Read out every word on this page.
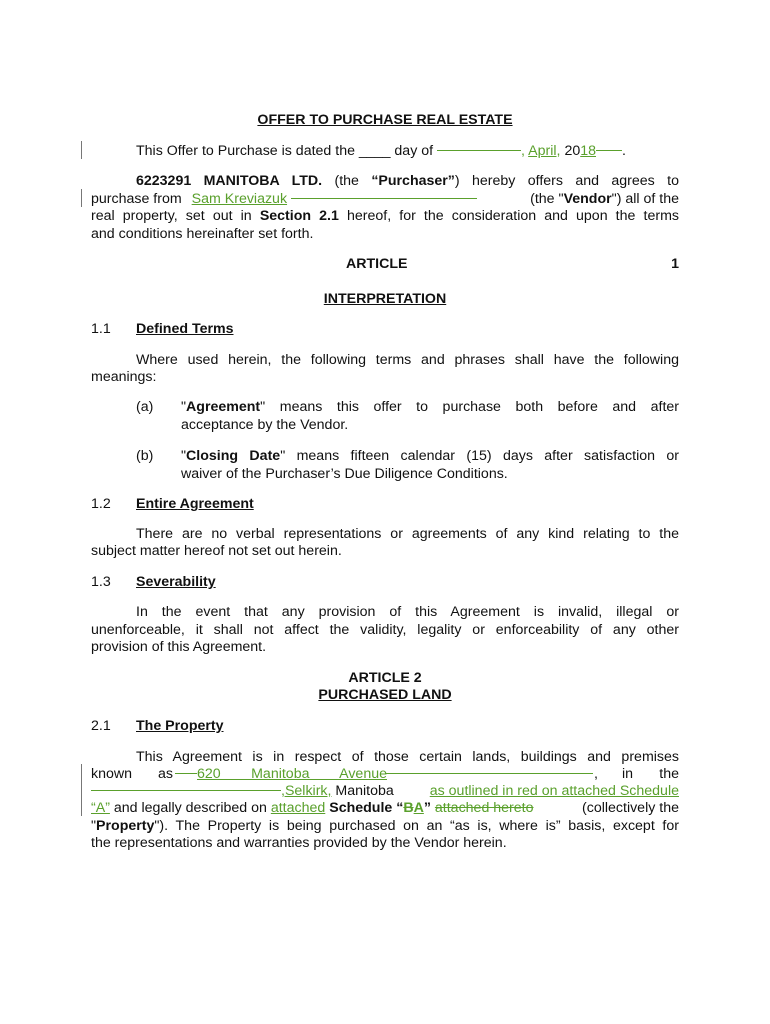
OFFER TO PURCHASE REAL ESTATE
This Offer to Purchase is dated the ____ day of	, April, 2018 .
6223291 MANITOBA LTD. (the “Purchaser”) hereby offers and agrees to
purchase from Sam Kreviazuk	(the "Vendor") all of the
real property, set out in Section 2.1 hereof, for the consideration and upon the terms
and conditions hereinafter set forth.
ARTICLE	1
INTERPRETATION
1.1 Defined Terms
Where used herein, the following terms and phrases shall have the following
meanings:
(a)	"Agreement" means this offer to purchase both before and after
acceptance by the Vendor.
(b)	"Closing Date" means fifteen calendar (15) days after satisfaction or
waiver of the Purchaser’s Due Diligence Conditions.
1.2 Entire Agreement
There are no verbal representations or agreements of any kind relating to the
subject matter hereof not set out herein.
1.3 Severability
In the event that any provision of this Agreement is invalid, illegal or
unenforceable, it shall not affect the validity, legality or enforceability of any other
provision of this Agreement.
ARTICLE 2
PURCHASED LAND
2.1 The Property
This Agreement is in respect of those certain lands, buildings and premises
known as 620 Manitoba Avenue	, in the
,Selkirk, Manitoba	as outlined in red on attached Schedule
“A” and legally described on attached Schedule “BA” attached hereto	(collectively the
"Property"). The Property is being purchased on an “as is, where is” basis, except for
the representations and warranties provided by the Vendor herein.
